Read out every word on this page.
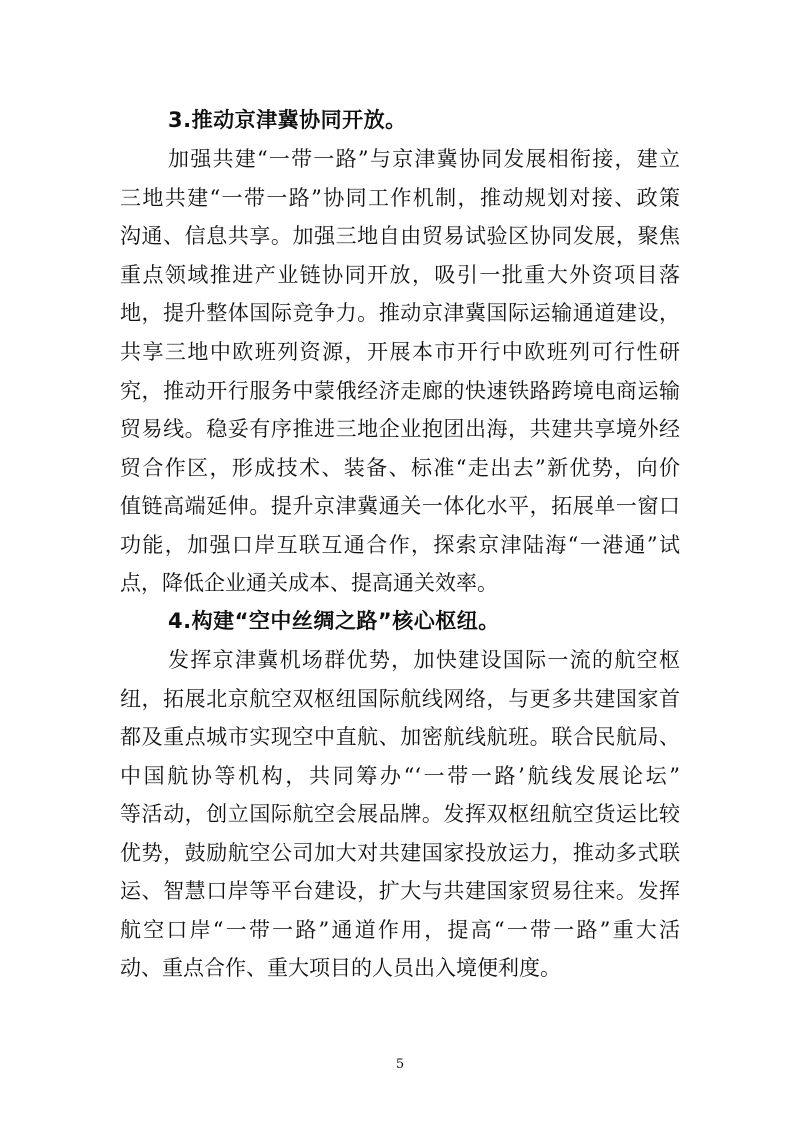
3.推动京津冀协同开放。
加强共建“一带一路”与京津冀协同发展相衔接，建立
三地共建“一带一路”协同工作机制，推动规划对接、政策
沟通、信息共享。加强三地自由贸易试验区协同发展，聚焦
重点领域推进产业链协同开放，吸引一批重大外资项目落
地，提升整体国际竞争力。推动京津冀国际运输通道建设，
共享三地中欧班列资源，开展本市开行中欧班列可行性研
究，推动开行服务中蒙俄经济走廊的快速铁路跨境电商运输
贸易线。稳妥有序推进三地企业抱团出海，共建共享境外经
贸合作区，形成技术、装备、标准“走出去”新优势，向价
值链高端延伸。提升京津冀通关一体化水平，拓展单一窗口
功能，加强口岸互联互通合作，探索京津陆海“一港通”试
点，降低企业通关成本、提高通关效率。
4.构建“空中丝绸之路”核心枢纽。
发挥京津冀机场群优势，加快建设国际一流的航空枢
纽，拓展北京航空双枢纽国际航线网络，与更多共建国家首
都及重点城市实现空中直航、加密航线航班。联合民航局、
中国航协等机构，共同筹办“‘一带一路’航线发展论坛”
等活动，创立国际航空会展品牌。发挥双枢纽航空货运比较
优势，鼓励航空公司加大对共建国家投放运力，推动多式联
运、智慧口岸等平台建设，扩大与共建国家贸易往来。发挥
航空口岸“一带一路”通道作用，提高“一带一路”重大活
动、重点合作、重大项目的人员出入境便利度。
5
